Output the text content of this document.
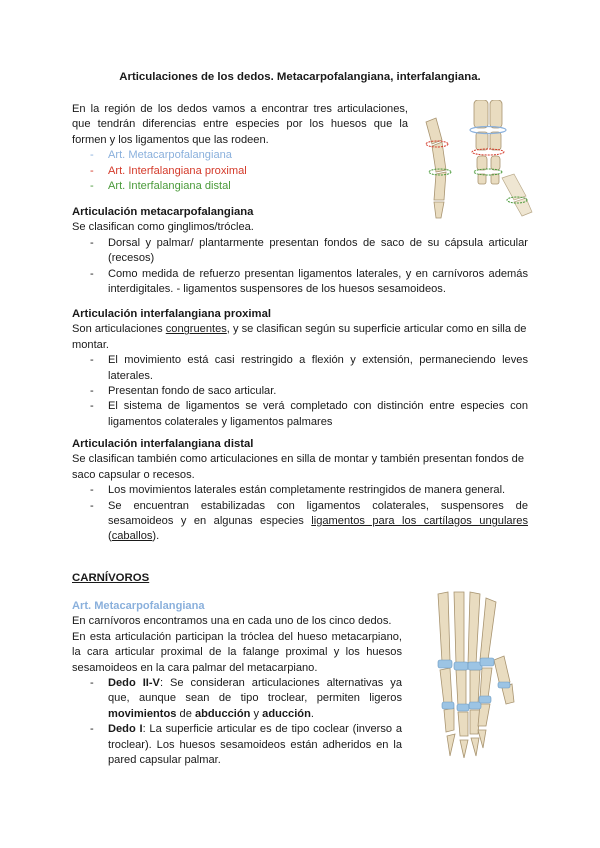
Articulaciones de los dedos. Metacarpofalangiana, interfalangiana.

En la región de los dedos vamos a encontrar tres articulaciones, que tendrán diferencias entre especies por los huesos que la formen y los ligamentos que las rodeen.

- Art. Metacarpofalangiana
- Art. Interfalangiana proximal
- Art. Interfalangiana distal
Articulación metacarpofalangiana

Se clasifican como ginglimos/tróclea.

- Dorsal y palmar/ plantarmente presentan fondos de saco de su cápsula articular (recesos)
- Como medida de refuerzo presentan ligamentos laterales, y en carnívoros además interdigitales. - ligamentos suspensores de los huesos sesamoideos.
Articulación interfalangiana proximal

Son articulaciones congruentes, y se clasifican según su superficie articular como en silla de montar.

- El movimiento está casi restringido a flexión y extensión, permaneciendo leves laterales.
- Presentan fondo de saco articular.
- El sistema de ligamentos se verá completado con distinción entre especies con ligamentos colaterales y ligamentos palmares
Articulación interfalangiana distal

Se clasifican también como articulaciones en silla de montar y también presentan fondos de saco capsular o recesos.

- Los movimientos laterales están completamente restringidos de manera general.
- Se encuentran estabilizadas con ligamentos colaterales, suspensores de sesamoideos y en algunas especies ligamentos para los cartílagos ungulares (caballos).
CARNÍVOROS
Art. Metacarpofalangiana

En carnívoros encontramos una en cada uno de los cinco dedos.

En esta articulación participan la tróclea del hueso metacarpiano, la cara articular proximal de la falange proximal y los huesos sesamoideos en la cara palmar del metacarpiano.

- Dedo II-V: Se consideran articulaciones alternativas ya que, aunque sean de tipo troclear, permiten ligeros movimientos de abducción y aducción.
- Dedo I: La superficie articular es de tipo coclear (inverso a troclear). Los huesos sesamoideos están adheridos en la pared capsular palmar.
